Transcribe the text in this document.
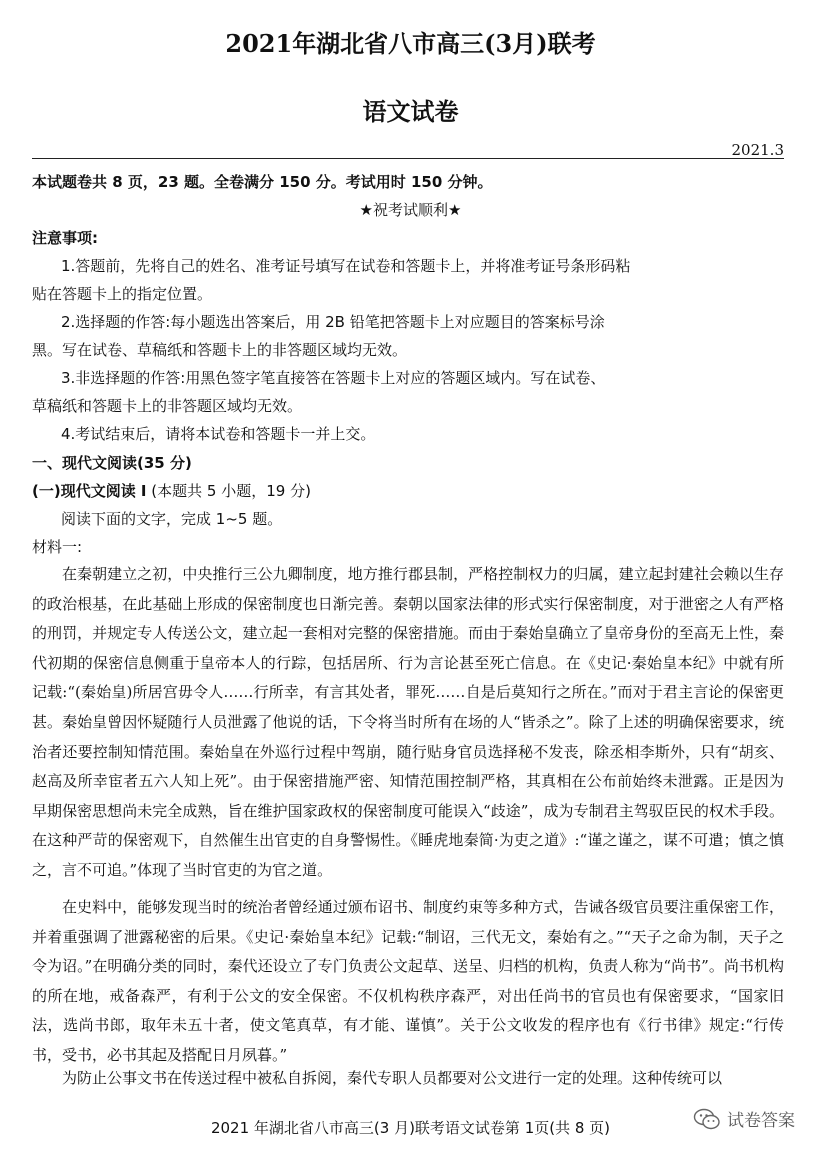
2021年湖北省八市高三(3月)联考
语文试卷
2021.3
本试题卷共 8 页，23 题。全卷满分 150 分。考试用时 150 分钟。
★祝考试顺利★
注意事项:
1.答题前，先将自己的姓名、准考证号填写在试卷和答题卡上，并将准考证号条形码粘
贴在答题卡上的指定位置。
2.选择题的作答:每小题选出答案后，用 2B 铅笔把答题卡上对应题目的答案标号涂
黑。写在试卷、草稿纸和答题卡上的非答题区域均无效。
3.非选择题的作答:用黑色签字笔直接答在答题卡上对应的答题区域内。写在试卷、
草稿纸和答题卡上的非答题区域均无效。
4.考试结束后，请将本试卷和答题卡一并上交。
一、现代文阅读(35 分)
(一)现代文阅读 I (本题共 5 小题，19 分)
阅读下面的文字，完成 1~5 题。
材料一:
在秦朝建立之初，中央推行三公九卿制度，地方推行郡县制，严格控制权力的归属，建立起封建社会赖以生存的政治根基，在此基础上形成的保密制度也日渐完善。秦朝以国家法律的形式实行保密制度，对于泄密之人有严格的刑罚，并规定专人传送公文，建立起一套相对完整的保密措施。而由于秦始皇确立了皇帝身份的至高无上性，秦代初期的保密信息侧重于皇帝本人的行踪，包括居所、行为言论甚至死亡信息。在《史记·秦始皇本纪》中就有所记载:“(秦始皇)所居宫毋令人……行所幸，有言其处者，罪死……自是后莫知行之所在。”而对于君主言论的保密更甚。秦始皇曾因怀疑随行人员泄露了他说的话，下令将当时所有在场的人“皆杀之”。除了上述的明确保密要求，统治者还要控制知情范围。秦始皇在外巡行过程中驾崩，随行贴身官员选择秘不发丧，除丞相李斯外，只有“胡亥、赵高及所幸宦者五六人知上死”。由于保密措施严密、知情范围控制严格，其真相在公布前始终未泄露。正是因为早期保密思想尚未完全成熟，旨在维护国家政权的保密制度可能误入“歧途”，成为专制君主驾驭臣民的权术手段。在这种严苛的保密观下，自然催生出官吏的自身警惕性。《睡虎地秦简·为吏之道》:“谨之谨之，谋不可遣；慎之慎之，言不可追。”体现了当时官吏的为官之道。
在史料中，能够发现当时的统治者曾经通过颁布诏书、制度约束等多种方式，告诫各级官员要注重保密工作，并着重强调了泄露秘密的后果。《史记·秦始皇本纪》记载:“制诏，三代无文，秦始有之。”“天子之命为制，天子之令为诏。”在明确分类的同时，秦代还设立了专门负责公文起草、送呈、归档的机构，负责人称为“尚书”。尚书机构的所在地，戒备森严，有利于公文的安全保密。不仅机构秩序森严，对出任尚书的官员也有保密要求，“国家旧法，选尚书郎，取年未五十者，使文笔真草，有才能、谨慎”。关于公文收发的程序也有《行书律》规定:“行传书，受书，必书其起及搭配日月夙暮。”
为防止公事文书在传送过程中被私自拆阅，秦代专职人员都要对公文进行一定的处理。这种传统可以
2021 年湖北省八市高三(3 月)联考语文试卷第 1页(共 8 页)	试卷答案
